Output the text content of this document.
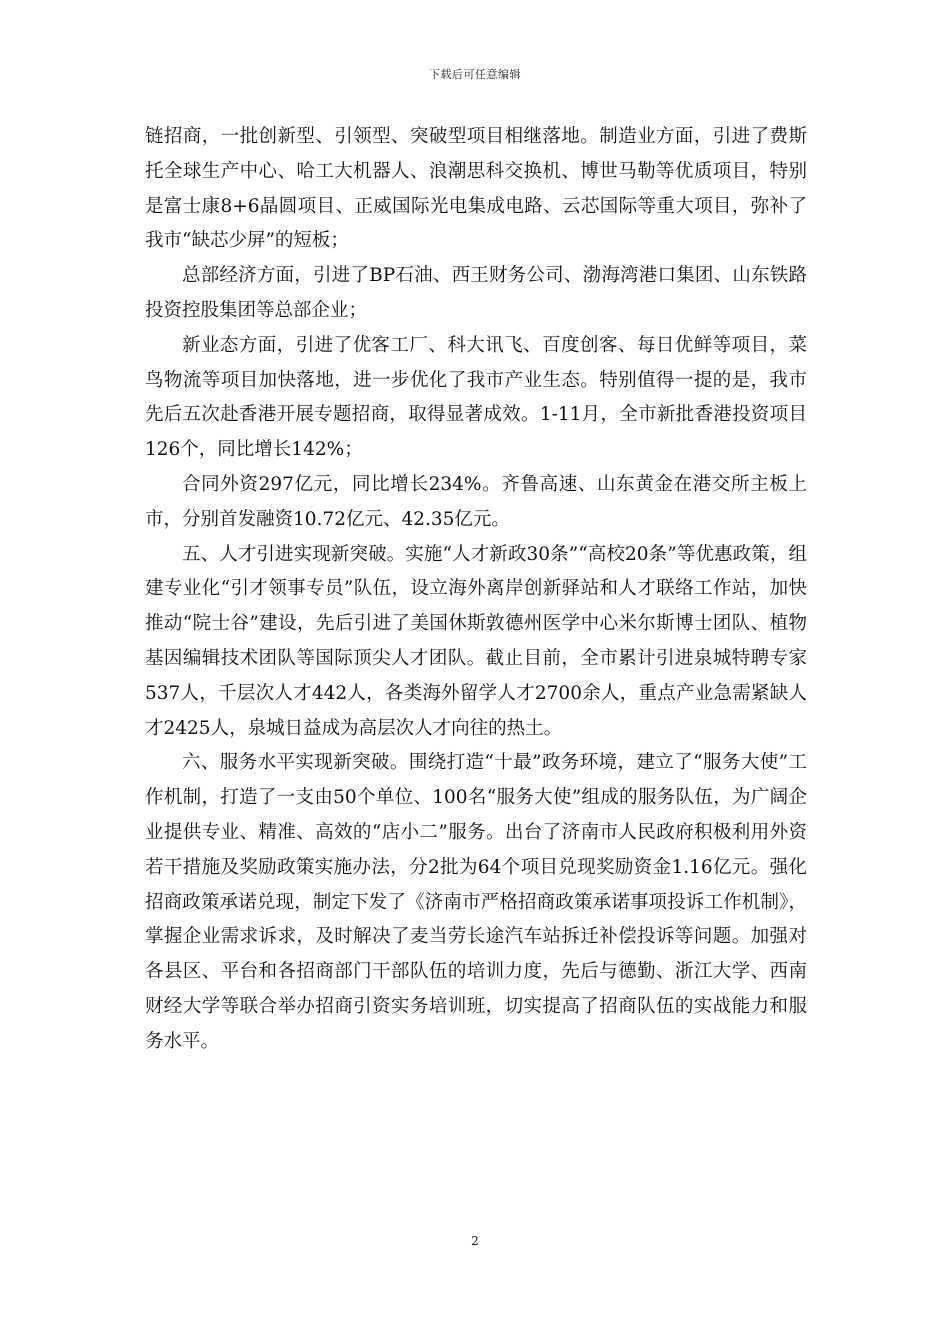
下载后可任意编辑

链招商，一批创新型、引领型、突破型项目相继落地。制造业方面，引进了费斯托全球生产中心、哈工大机器人、浪潮思科交换机、博世马勒等优质项目，特别是富士康8+6晶圆项目、正威国际光电集成电路、云芯国际等重大项目，弥补了我市“缺芯少屏”的短板；

总部经济方面，引进了BP石油、西王财务公司、渤海湾港口集团、山东铁路投资控股集团等总部企业；

新业态方面，引进了优客工厂、科大讯飞、百度创客、每日优鲜等项目，菜鸟物流等项目加快落地，进一步优化了我市产业生态。特别值得一提的是，我市先后五次赴香港开展专题招商，取得显著成效。1-11月，全市新批香港投资项目126个，同比增长142%；

合同外资297亿元，同比增长234%。齐鲁高速、山东黄金在港交所主板上市，分别首发融资10.72亿元、42.35亿元。

五、人才引进实现新突破。实施“人才新政30条”“高校20条”等优惠政策，组建专业化“引才领事专员”队伍，设立海外离岸创新驿站和人才联络工作站，加快推动“院士谷”建设，先后引进了美国休斯敦德州医学中心米尔斯博士团队、植物基因编辑技术团队等国际顶尖人才团队。截止目前，全市累计引进泉城特聘专家537人，千层次人才442人，各类海外留学人才2700余人，重点产业急需紧缺人才2425人，泉城日益成为高层次人才向往的热土。

六、服务水平实现新突破。围绕打造“十最”政务环境，建立了“服务大使”工作机制，打造了一支由50个单位、100名“服务大使”组成的服务队伍，为广阔企业提供专业、精准、高效的“店小二”服务。出台了济南市人民政府积极利用外资若干措施及奖励政策实施办法，分2批为64个项目兑现奖励资金1.16亿元。强化招商政策承诺兑现，制定下发了《济南市严格招商政策承诺事项投诉工作机制》，掌握企业需求诉求，及时解决了麦当劳长途汽车站拆迁补偿投诉等问题。加强对各县区、平台和各招商部门干部队伍的培训力度，先后与德勤、浙江大学、西南财经大学等联合举办招商引资实务培训班，切实提高了招商队伍的实战能力和服务水平。

2
